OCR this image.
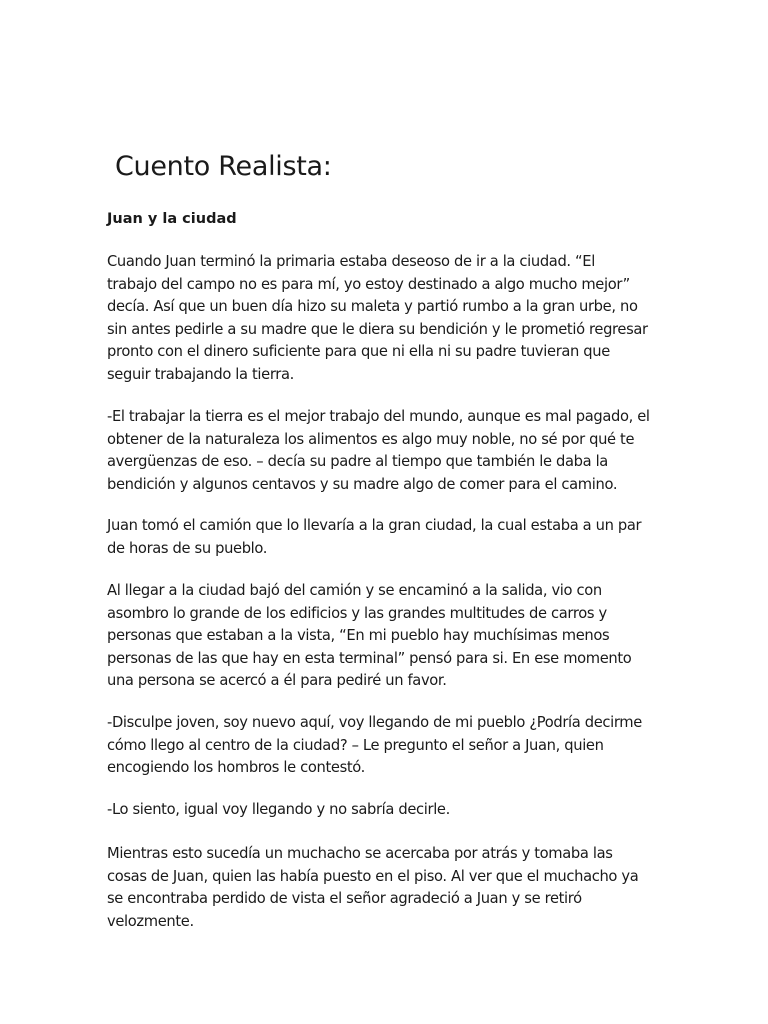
Cuento Realista:
Juan y la ciudad

Cuando Juan terminó la primaria estaba deseoso de ir a la ciudad. “El
trabajo del campo no es para mí, yo estoy destinado a algo mucho mejor”
decía. Así que un buen día hizo su maleta y partió rumbo a la gran urbe, no
sin antes pedirle a su madre que le diera su bendición y le prometió regresar
pronto con el dinero suficiente para que ni ella ni su padre tuvieran que
seguir trabajando la tierra.

-El trabajar la tierra es el mejor trabajo del mundo, aunque es mal pagado, el
obtener de la naturaleza los alimentos es algo muy noble, no sé por qué te
avergüenzas de eso. – decía su padre al tiempo que también le daba la
bendición y algunos centavos y su madre algo de comer para el camino.

Juan tomó el camión que lo llevaría a la gran ciudad, la cual estaba a un par
de horas de su pueblo.

Al llegar a la ciudad bajó del camión y se encaminó a la salida, vio con
asombro lo grande de los edificios y las grandes multitudes de carros y
personas que estaban a la vista, “En mi pueblo hay muchísimas menos
personas de las que hay en esta terminal” pensó para si. En ese momento
una persona se acercó a él para pediré un favor.

-Disculpe joven, soy nuevo aquí, voy llegando de mi pueblo ¿Podría decirme
cómo llego al centro de la ciudad? – Le pregunto el señor a Juan, quien
encogiendo los hombros le contestó.

-Lo siento, igual voy llegando y no sabría decirle.

Mientras esto sucedía un muchacho se acercaba por atrás y tomaba las
cosas de Juan, quien las había puesto en el piso. Al ver que el muchacho ya
se encontraba perdido de vista el señor agradeció a Juan y se retiró
velozmente.
